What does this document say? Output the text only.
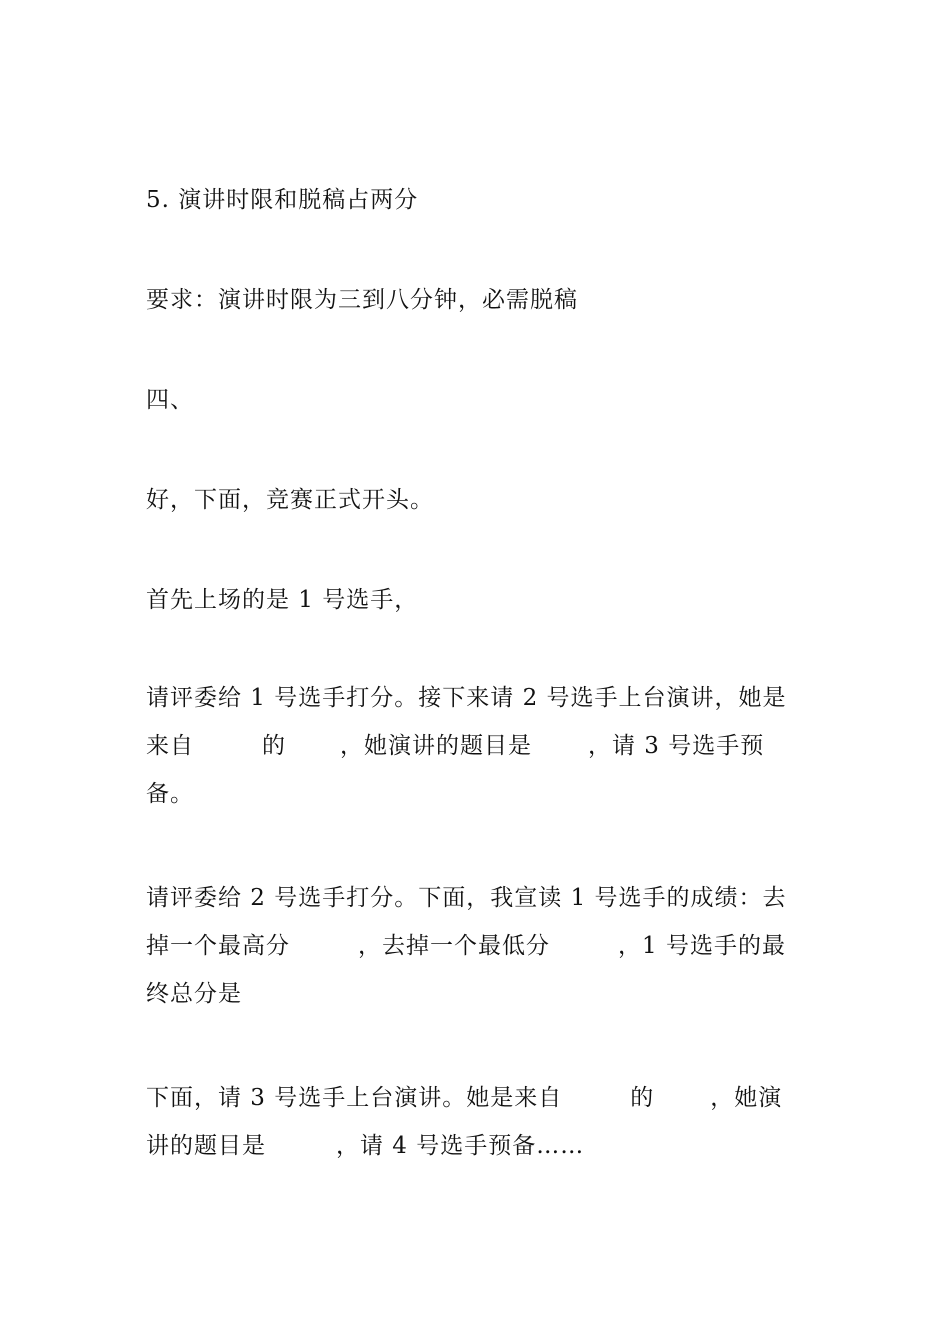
5. 演讲时限和脱稿占两分
要求：演讲时限为三到八分钟，必需脱稿
四、
好，下面，竞赛正式开头。
首先上场的是 1 号选手，
请评委给 1 号选手打分。接下来请 2 号选手上台演讲，她是
来自	的 ，她演讲的题目是 ，请 3 号选手预
备。
请评委给 2 号选手打分。下面，我宣读 1 号选手的成绩：去
掉一个最高分	，去掉一个最低分	，1 号选手的最
终总分是
下面，请 3 号选手上台演讲。她是来自	的 ，她演
讲的题目是	，请 4 号选手预备……
